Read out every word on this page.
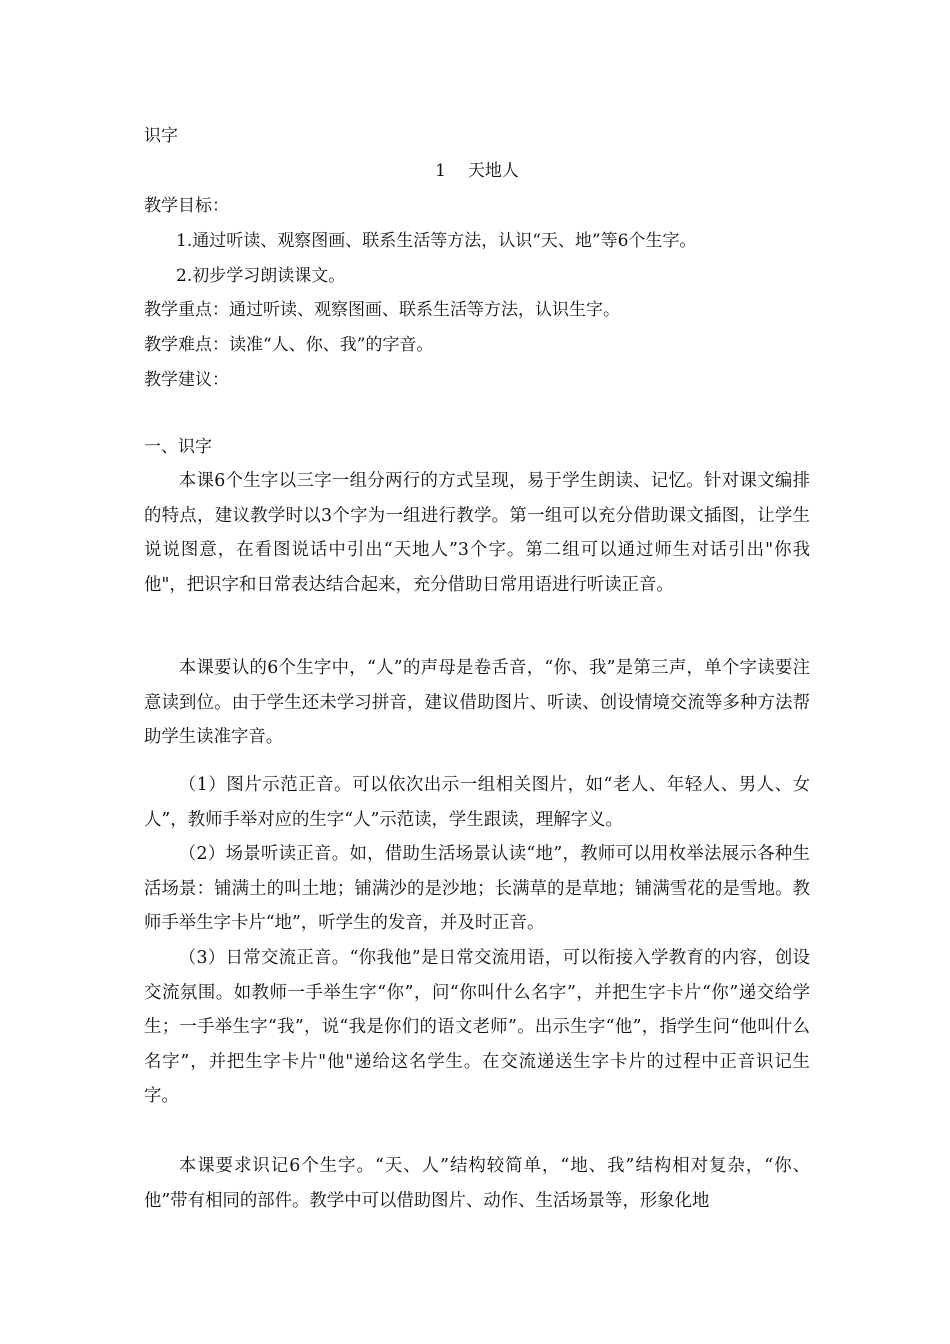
识字
1 天地人
教学目标：
1.通过听读、观察图画、联系生活等方法，认识“天、地”等6个生字。
2.初步学习朗读课文。
教学重点：通过听读、观察图画、联系生活等方法，认识生字。
教学难点：读准“人、你、我”的字音。
教学建议：
一、识字

本课6个生字以三字一组分两行的方式呈现，易于学生朗读、记忆。针对课文编排的特点，建议教学时以3个字为一组进行教学。第一组可以充分借助课文插图，让学生说说图意，在看图说话中引出“天地人”3个字。第二组可以通过师生对话引出"你我他"，把识字和日常表达结合起来，充分借助日常用语进行听读正音。

本课要认的6个生字中，“人”的声母是卷舌音，“你、我”是第三声，单个字读要注意读到位。由于学生还未学习拼音，建议借助图片、听读、创设情境交流等多种方法帮助学生读准字音。

（1）图片示范正音。可以依次出示一组相关图片，如“老人、年轻人、男人、女人”，教师手举对应的生字“人”示范读，学生跟读，理解字义。

（2）场景听读正音。如，借助生活场景认读“地”，教师可以用枚举法展示各种生活场景：铺满土的叫土地；铺满沙的是沙地；长满草的是草地；铺满雪花的是雪地。教师手举生字卡片“地”，听学生的发音，并及时正音。

（3）日常交流正音。“你我他”是日常交流用语，可以衔接入学教育的内容，创设交流氛围。如教师一手举生字“你”，问“你叫什么名字”，并把生字卡片“你”递交给学生；一手举生字“我”，说“我是你们的语文老师”。出示生字“他”，指学生问“他叫什么名字”，并把生字卡片"他"递给这名学生。在交流递送生字卡片的过程中正音识记生字。

本课要求识记6个生字。“天、人”结构较简单，“地、我”结构相对复杂，“你、他”带有相同的部件。教学中可以借助图片、动作、生活场景等，形象化地
